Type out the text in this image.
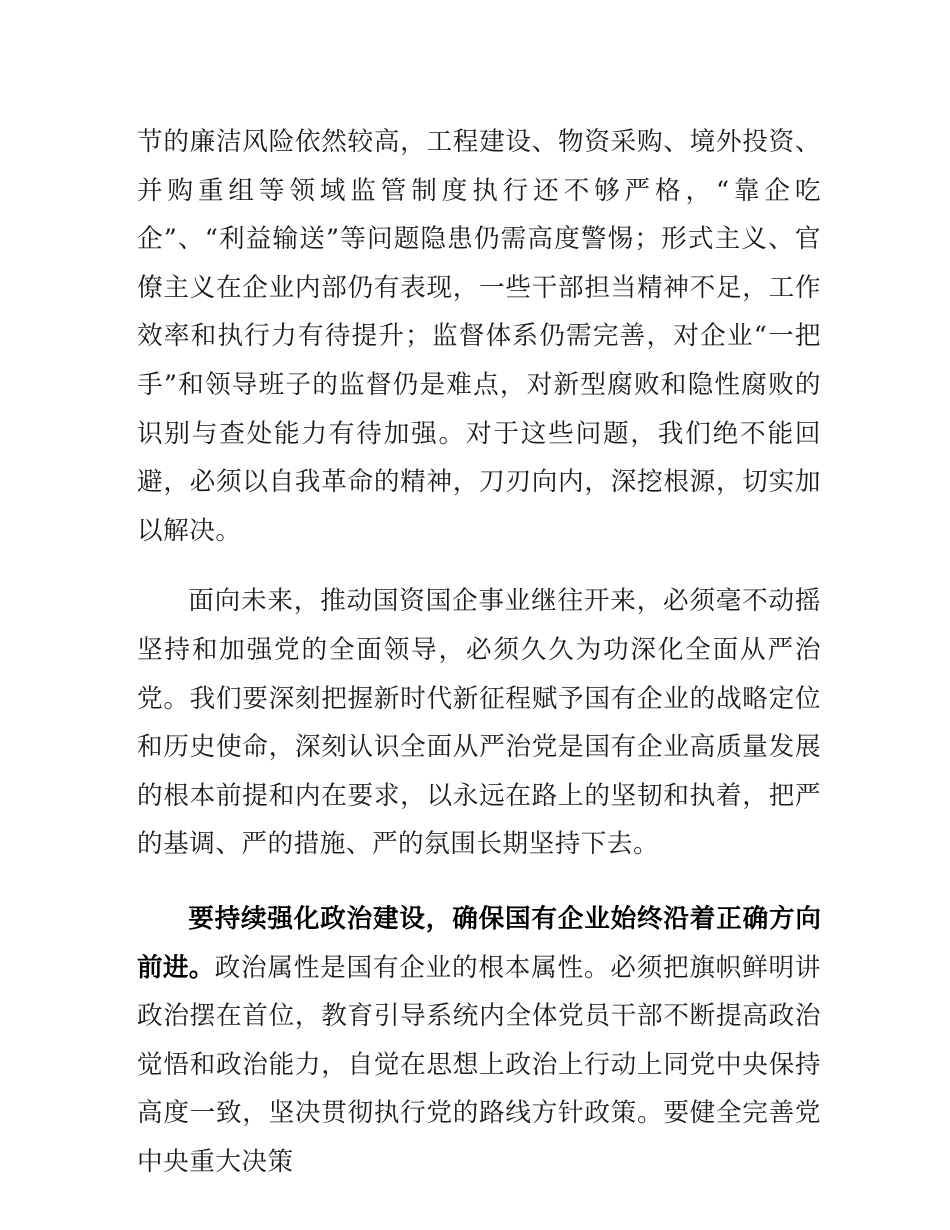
节的廉洁风险依然较高，工程建设、物资采购、境外投资、并购重组等领域监管制度执行还不够严格，“靠企吃企”、“利益输送”等问题隐患仍需高度警惕；形式主义、官僚主义在企业内部仍有表现，一些干部担当精神不足，工作效率和执行力有待提升；监督体系仍需完善，对企业“一把手”和领导班子的监督仍是难点，对新型腐败和隐性腐败的识别与查处能力有待加强。对于这些问题，我们绝不能回避，必须以自我革命的精神，刀刃向内，深挖根源，切实加以解决。

面向未来，推动国资国企事业继往开来，必须毫不动摇坚持和加强党的全面领导，必须久久为功深化全面从严治党。我们要深刻把握新时代新征程赋予国有企业的战略定位和历史使命，深刻认识全面从严治党是国有企业高质量发展的根本前提和内在要求，以永远在路上的坚韧和执着，把严的基调、严的措施、严的氛围长期坚持下去。

要持续强化政治建设，确保国有企业始终沿着正确方向前进。政治属性是国有企业的根本属性。必须把旗帜鲜明讲政治摆在首位，教育引导系统内全体党员干部不断提高政治觉悟和政治能力，自觉在思想上政治上行动上同党中央保持高度一致，坚决贯彻执行党的路线方针政策。要健全完善党中央重大决策
